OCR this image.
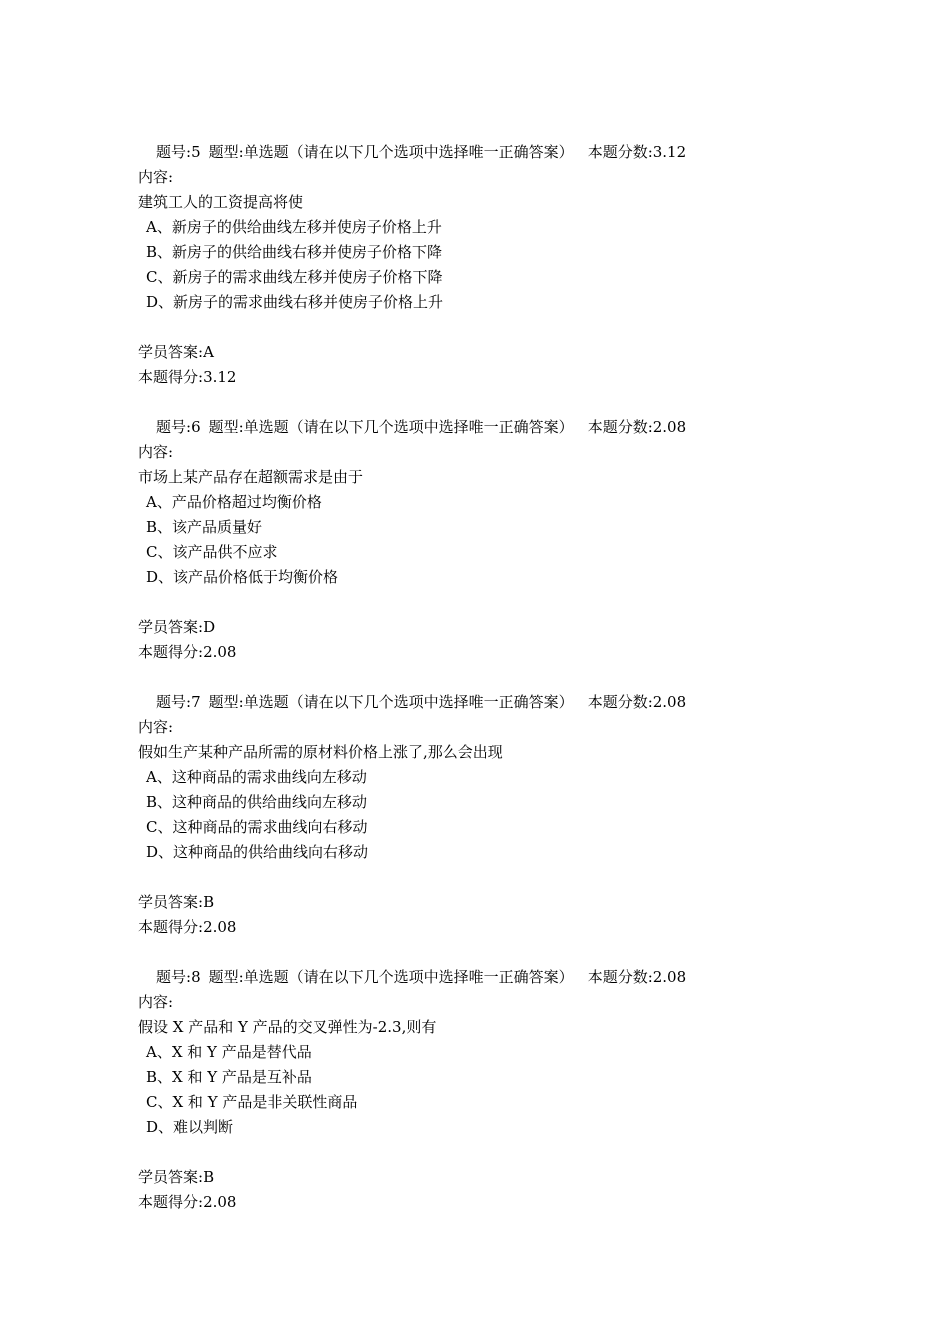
题号:5 题型:单选题（请在以下几个选项中选择唯一正确答案） 本题分数:3.12
内容:
建筑工人的工资提高将使
A、新房子的供给曲线左移并使房子价格上升
B、新房子的供给曲线右移并使房子价格下降
C、新房子的需求曲线左移并使房子价格下降
D、新房子的需求曲线右移并使房子价格上升
学员答案:A
本题得分:3.12
题号:6 题型:单选题（请在以下几个选项中选择唯一正确答案） 本题分数:2.08
内容:
市场上某产品存在超额需求是由于
A、产品价格超过均衡价格
B、该产品质量好
C、该产品供不应求
D、该产品价格低于均衡价格
学员答案:D
本题得分:2.08
题号:7 题型:单选题（请在以下几个选项中选择唯一正确答案） 本题分数:2.08
内容:
假如生产某种产品所需的原材料价格上涨了,那么会出现
A、这种商品的需求曲线向左移动
B、这种商品的供给曲线向左移动
C、这种商品的需求曲线向右移动
D、这种商品的供给曲线向右移动
学员答案:B
本题得分:2.08
题号:8 题型:单选题（请在以下几个选项中选择唯一正确答案） 本题分数:2.08
内容:
假设 X 产品和 Y 产品的交叉弹性为-2.3,则有
A、X 和 Y 产品是替代品
B、X 和 Y 产品是互补品
C、X 和 Y 产品是非关联性商品
D、难以判断
学员答案:B
本题得分:2.08
